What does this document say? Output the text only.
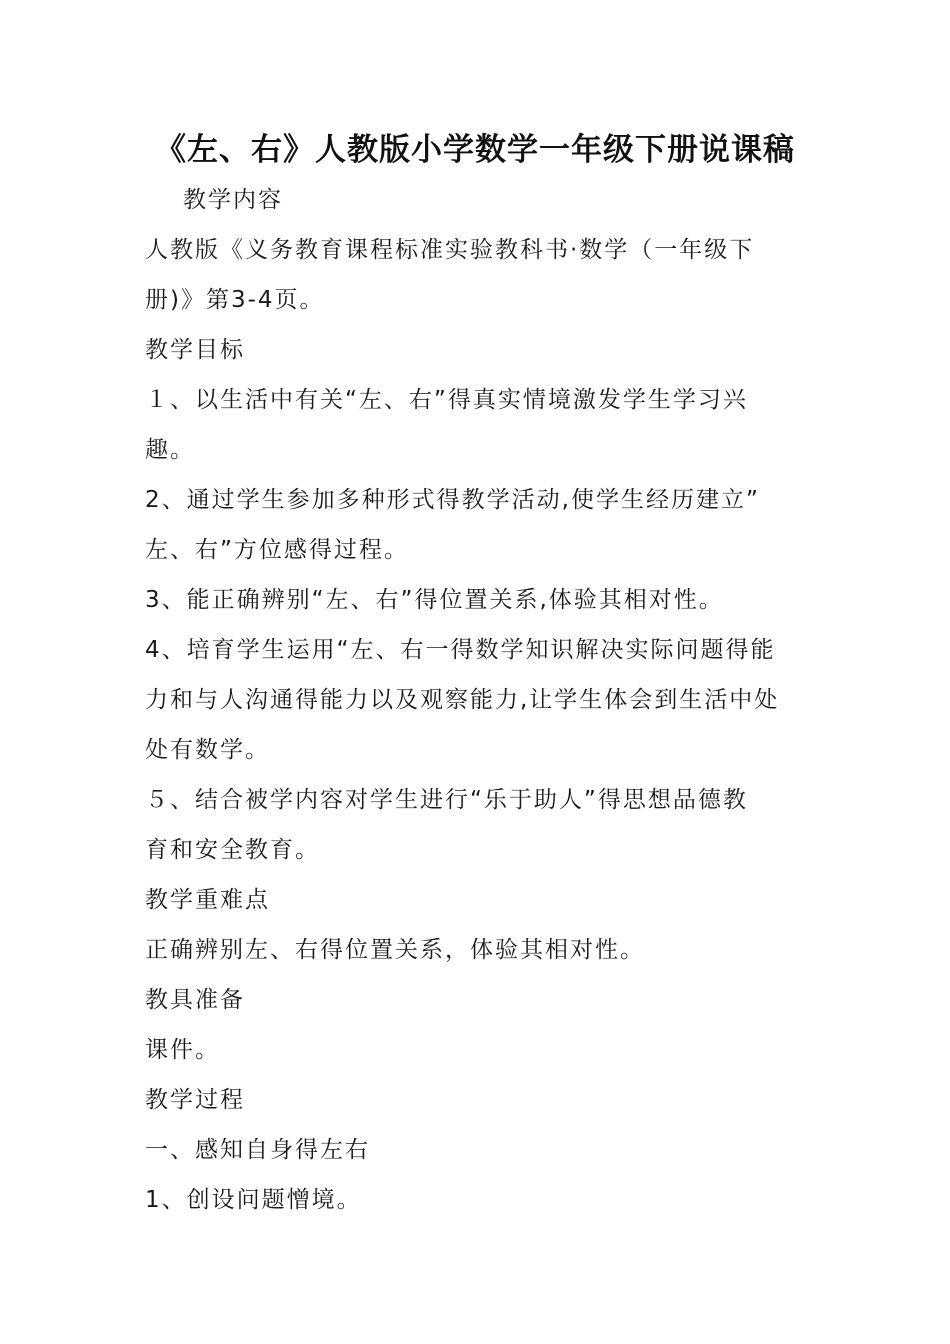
《左、右》人教版小学数学一年级下册说课稿
教学内容
人教版《义务教育课程标准实验教科书·数学（一年级下
册)》第3-4页。
教学目标
１、以生活中有关“左、右”得真实情境激发学生学习兴
趣。
2、通过学生参加多种形式得教学活动,使学生经历建立”
左、右”方位感得过程。
3、能正确辨别“左、右”得位置关系,体验其相对性。
4、培育学生运用“左、右一得数学知识解决实际问题得能
力和与人沟通得能力以及观察能力,让学生体会到生活中处
处有数学。
５、结合被学内容对学生进行“乐于助人”得思想品德教
育和安全教育。
教学重难点
正确辨别左、右得位置关系，体验其相对性。
教具准备
课件。
教学过程
一、感知自身得左右
1、创设问题憎境。
